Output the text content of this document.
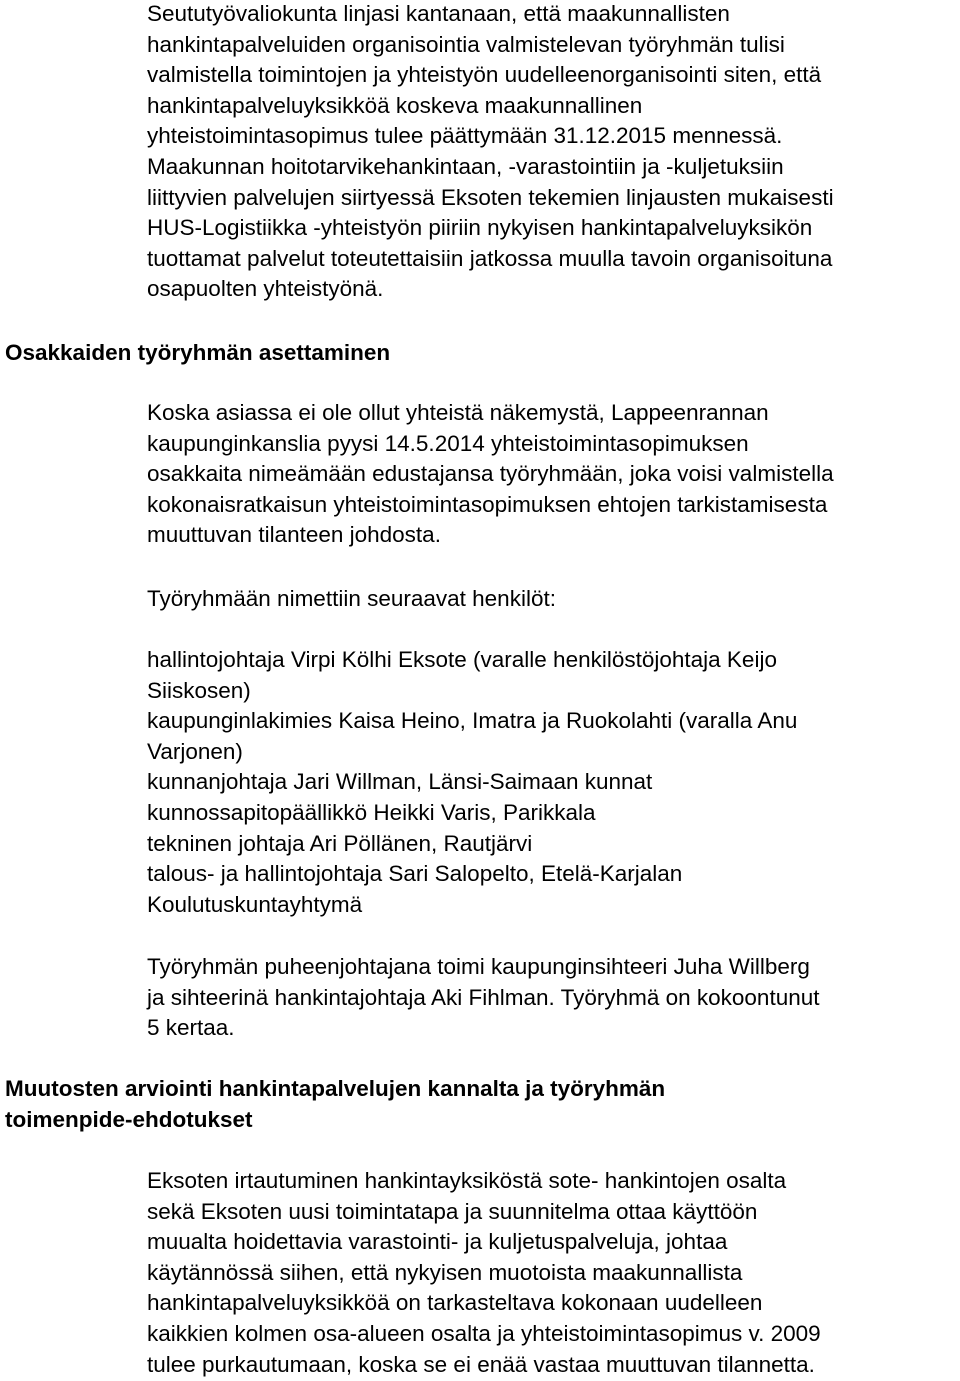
Seututyövaliokunta linjasi kantanaan, että maakunnallisten
hankintapalveluiden organisointia valmistelevan työryhmän tulisi
valmistella toimintojen ja yhteistyön uudelleenorganisointi siten, että
hankintapalveluyksikköä koskeva maakunnallinen
yhteistoimintasopimus tulee päättymään 31.12.2015 mennessä.
Maakunnan hoitotarvikehankintaan, -varastointiin ja -kuljetuksiin
liittyvien palvelujen siirtyessä Eksoten tekemien linjausten mukaisesti
HUS-Logistiikka -yhteistyön piiriin nykyisen hankintapalveluyksikön
tuottamat palvelut toteutettaisiin jatkossa muulla tavoin organisoituna
osapuolten yhteistyönä.
Osakkaiden työryhmän asettaminen
Koska asiassa ei ole ollut yhteistä näkemystä, Lappeenrannan
kaupunginkanslia pyysi 14.5.2014 yhteistoimintasopimuksen
osakkaita nimeämään edustajansa työryhmään, joka voisi valmistella
kokonaisratkaisun yhteistoimintasopimuksen ehtojen tarkistamisesta
muuttuvan tilanteen johdosta.
Työryhmään nimettiin seuraavat henkilöt:
hallintojohtaja Virpi Kölhi Eksote (varalle henkilöstöjohtaja Keijo
Siiskosen)
kaupunginlakimies Kaisa Heino, Imatra ja Ruokolahti (varalla Anu
Varjonen)
kunnanjohtaja Jari Willman, Länsi-Saimaan kunnat
kunnossapitopäällikkö Heikki Varis, Parikkala
tekninen johtaja Ari Pöllänen, Rautjärvi
talous- ja hallintojohtaja Sari Salopelto, Etelä-Karjalan
Koulutuskuntayhtymä
Työryhmän puheenjohtajana toimi kaupunginsihteeri Juha Willberg
ja sihteerinä hankintajohtaja Aki Fihlman. Työryhmä on kokoontunut
5 kertaa.
Muutosten arviointi hankintapalvelujen kannalta ja työryhmän
toimenpide-ehdotukset
Eksoten irtautuminen hankintayksiköstä sote- hankintojen osalta
sekä Eksoten uusi toimintatapa ja suunnitelma ottaa käyttöön
muualta hoidettavia varastointi- ja kuljetuspalveluja, johtaa
käytännössä siihen, että nykyisen muotoista maakunnallista
hankintapalveluyksikköä on tarkasteltava kokonaan uudelleen
kaikkien kolmen osa-alueen osalta ja yhteistoimintasopimus v. 2009
tulee purkautumaan, koska se ei enää vastaa muuttuvan tilannetta.
